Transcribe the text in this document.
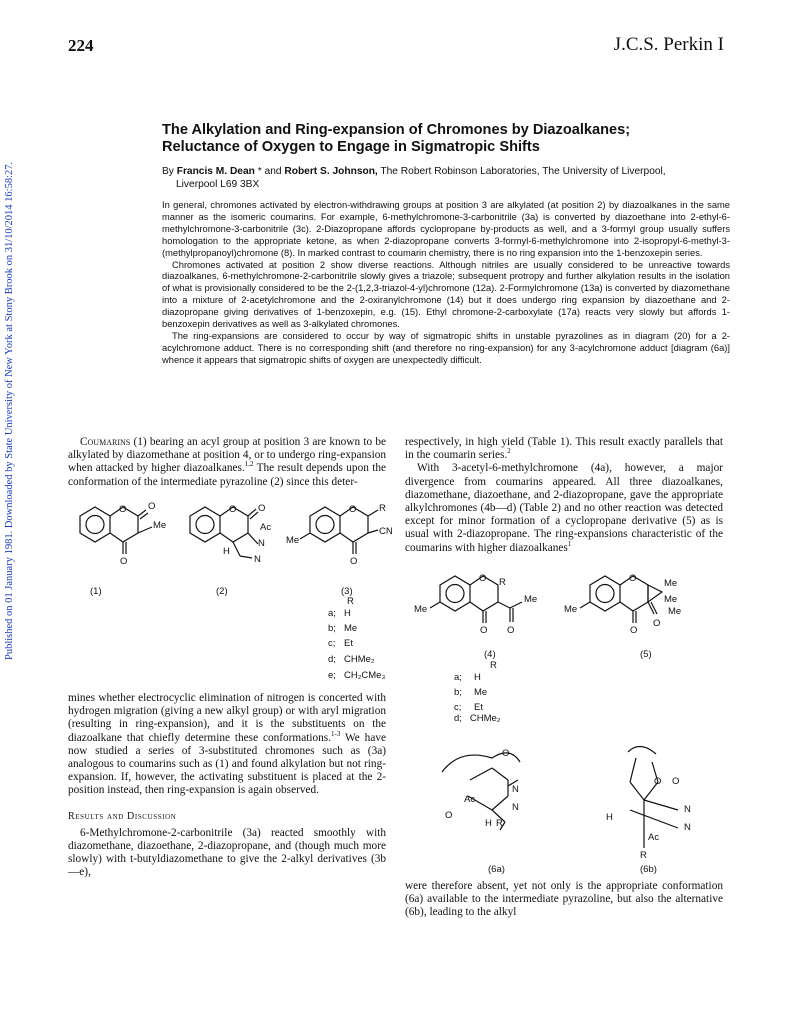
Published on 01 January 1981. Downloaded by State University of New York at Stony Brook on 31/10/2014 16:58:27.
224	J.C.S. Perkin I
The Alkylation and Ring-expansion of Chromones by Diazoalkanes;
Reluctance of Oxygen to Engage in Sigmatropic Shifts
By Francis M. Dean * and Robert S. Johnson, The Robert Robinson Laboratories, The University of Liverpool,
Liverpool L69 3BX

In general, chromones activated by electron-withdrawing groups at position 3 are alkylated (at position 2) by diazoalkanes in the same manner as the isomeric coumarins. For example, 6-methylchromone-3-carbonitrile (3a) is converted by diazoethane into 2-ethyl-6-methylchromone-3-carbonitrile (3c). 2-Diazopropane affords cyclopropane by-products as well, and a 3-formyl group usually suffers homologation to the appropriate ketone, as when 2-diazopropane converts 3-formyl-6-methylchromone into 2-isopropyl-6-methyl-3-(methylpropanoyl)chromone (8). In marked contrast to coumarin chemistry, there is no ring expansion into the 1-benzoxepin series.

Chromones activated at position 2 show diverse reactions. Although nitriles are usually considered to be unreactive towards diazoalkanes, 6-methylchromone-2-carbonitrile slowly gives a triazole; subsequent protropy and further alkylation results in the isolation of what is provisionally considered to be the 2-(1,2,3-triazol-4-yl)chromone (12a). 2-Formylchromone (13a) is converted by diazomethane into a mixture of 2-acetylchromone and the 2-oxiranylchromone (14) but it does undergo ring expansion by diazoethane and 2-diazopropane giving derivatives of 1-benzoxepin, e.g. (15). Ethyl chromone-2-carboxylate (17a) reacts very slowly but affords 1-benzoxepin derivatives as well as 3-alkylated chromones.

The ring-expansions are considered to occur by way of sigmatropic shifts in unstable pyrazolines as in diagram (20) for a 2-acylchromone adduct. There is no corresponding shift (and therefore no ring-expansion) for any 3-acylchromone adduct [diagram (6a)] whence it appears that sigmatropic shifts of oxygen are unexpectedly difficult.

Coumarins (1) bearing an acyl group at position 3 are known to be alkylated by diazomethane at position 4, or to undergo ring-expansion when attacked by higher diazoalkanes.$^{1,2}$ The result depends upon the conformation of the intermediate pyrazoline (2) since this deter-

O O
Me
O
O O
Ac
N
N
H
O R
CN
Me
O
(1)	(2)	(3)
R
a; H
b; Me
c; Et
d; CHMe₂
e; CH₂CMe₃

mines whether electrocyclic elimination of nitrogen is concerted with hydrogen migration (giving a new alkyl group) or with aryl migration (resulting in ring-expansion), and it is the substituents on the diazoalkane that chiefly determine these conformations.$^{1-3}$ We have now studied a series of 3-substituted chromones such as (3a) analogous to coumarins such as (1) and found alkylation but not ring-expansion. If, however, the activating substituent is placed at the 2-position instead, then ring-expansion is again observed.

Results and Discussion

6-Methylchromone-2-carbonitrile (3a) reacted smoothly with diazomethane, diazoethane, 2-diazopropane, and (though much more slowly) with t-butyldiazomethane to give the 2-alkyl derivatives (3b—e),

respectively, in high yield (Table 1). This result exactly parallels that in the coumarin series.$^2$

With 3-acetyl-6-methylchromone (4a), however, a major divergence from coumarins appeared. All three diazoalkanes, diazomethane, diazoethane, and 2-diazopropane, gave the appropriate alkylchromones (4b—d) (Table 2) and no other reaction was detected except for minor formation of a cyclopropane derivative (5) as is usual with 2-diazopropane. The ring-expansions characteristic of the coumarins with higher diazoalkanes$^1$

O R
Me
Me
O O
O	Me
Me
Me
Me
O
O
(4)	(5)
R
a; H
b; Me
c; Et
d; CHMe₂
O
Ac
O
N
N
H R
O O
N
N
H
Ac
R
(6a)	(6b)

were therefore absent, yet not only is the appropriate conformation (6a) available to the intermediate pyrazoline, but also the alternative (6b), leading to the alkyl
